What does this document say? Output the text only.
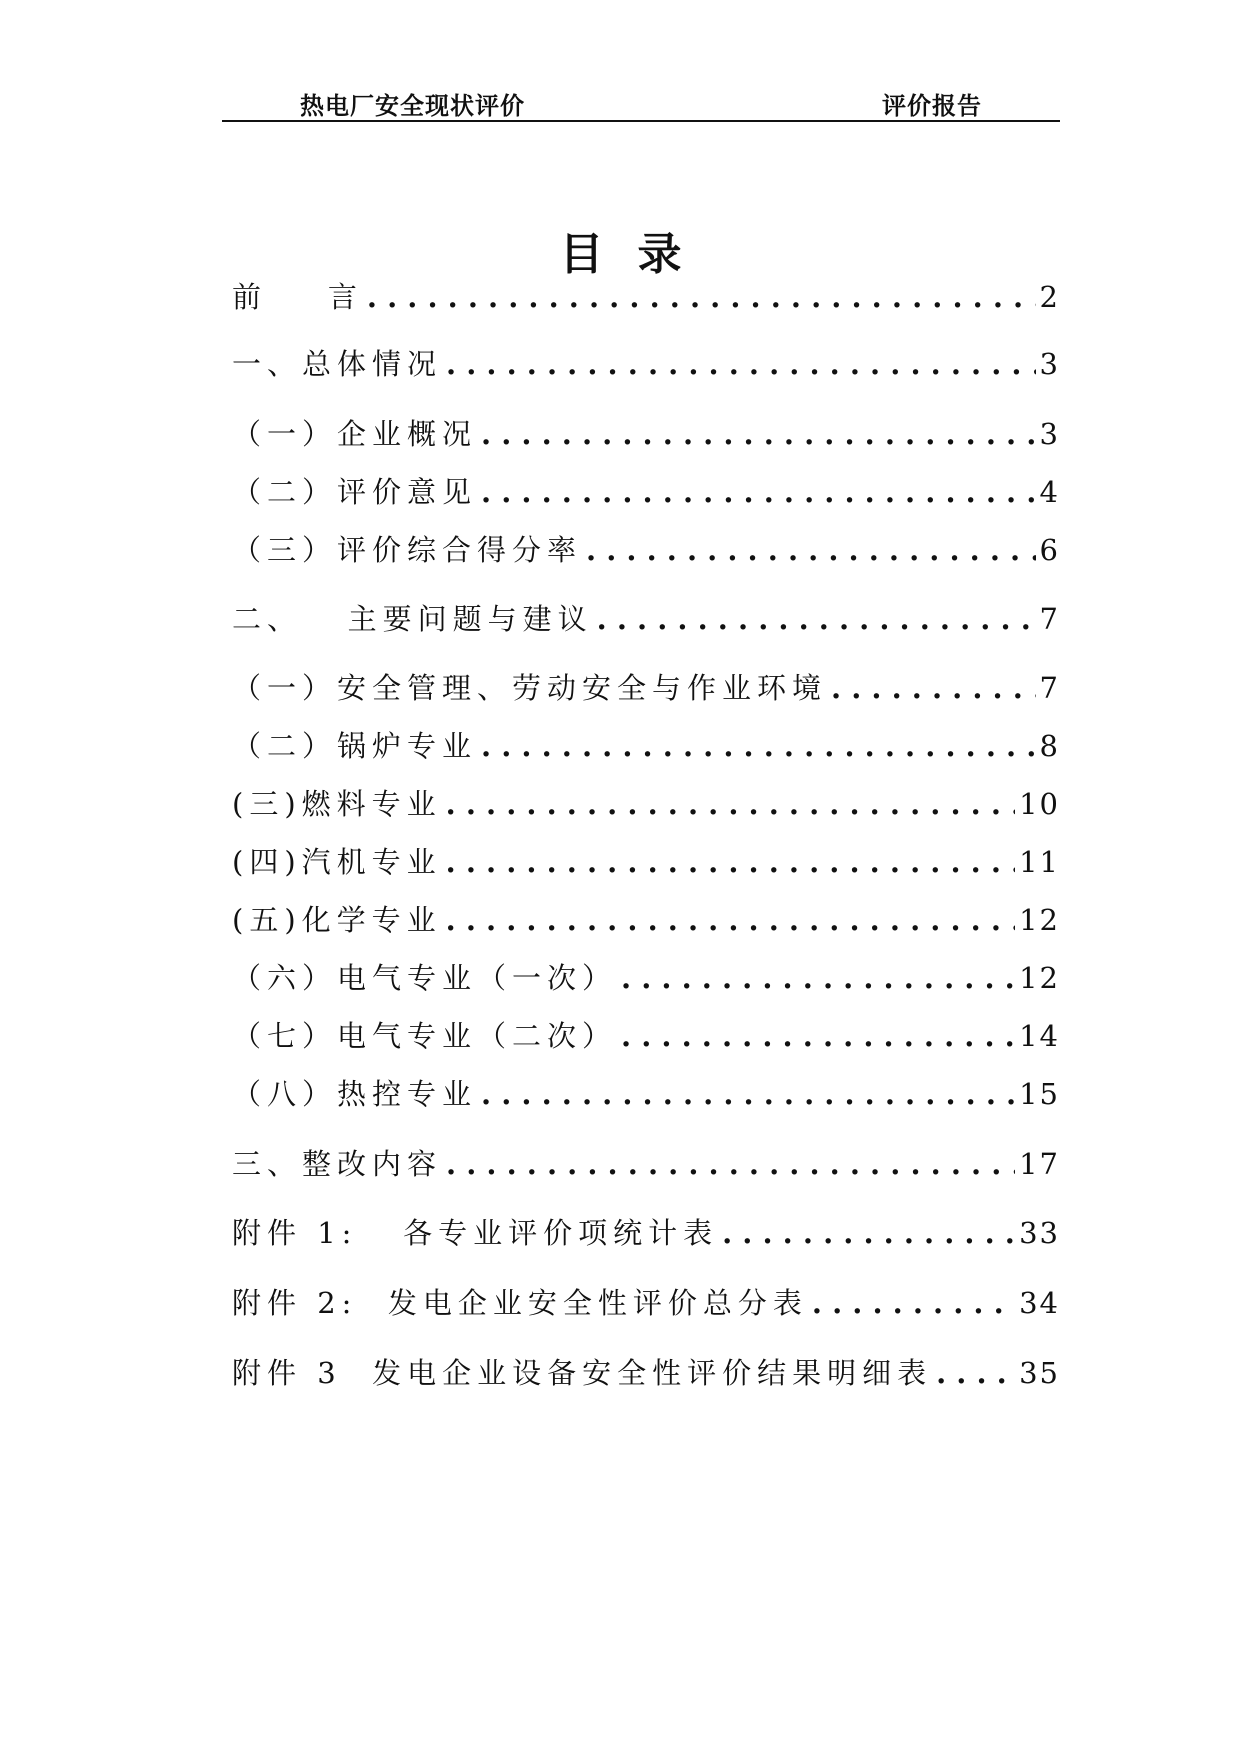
热电厂安全现状评价	评价报告
目录
前    言 . . .	2
一、总体情况 . . .	3
（一）企业概况 . . .	3
（二）评价意见 . . .	4
（三）评价综合得分率 . . .	6
二、   主要问题与建议 . . .	7
（一）安全管理、劳动安全与作业环境 . . .	7
（二）锅炉专业 . . .	8
(三)燃料专业 . . .	10
(四)汽机专业 . . .	11
(五)化学专业 . . .	12
（六）电气专业（一次） . . .	12
（七）电气专业（二次） . . .	14
（八）热控专业 . . .	15
三、整改内容 . . .	17
附件 1:   各专业评价项统计表 . . .	33
附件 2:  发电企业安全性评价总分表 . . .	34
附件 3  发电企业设备安全性评价结果明细表 . . .	35
